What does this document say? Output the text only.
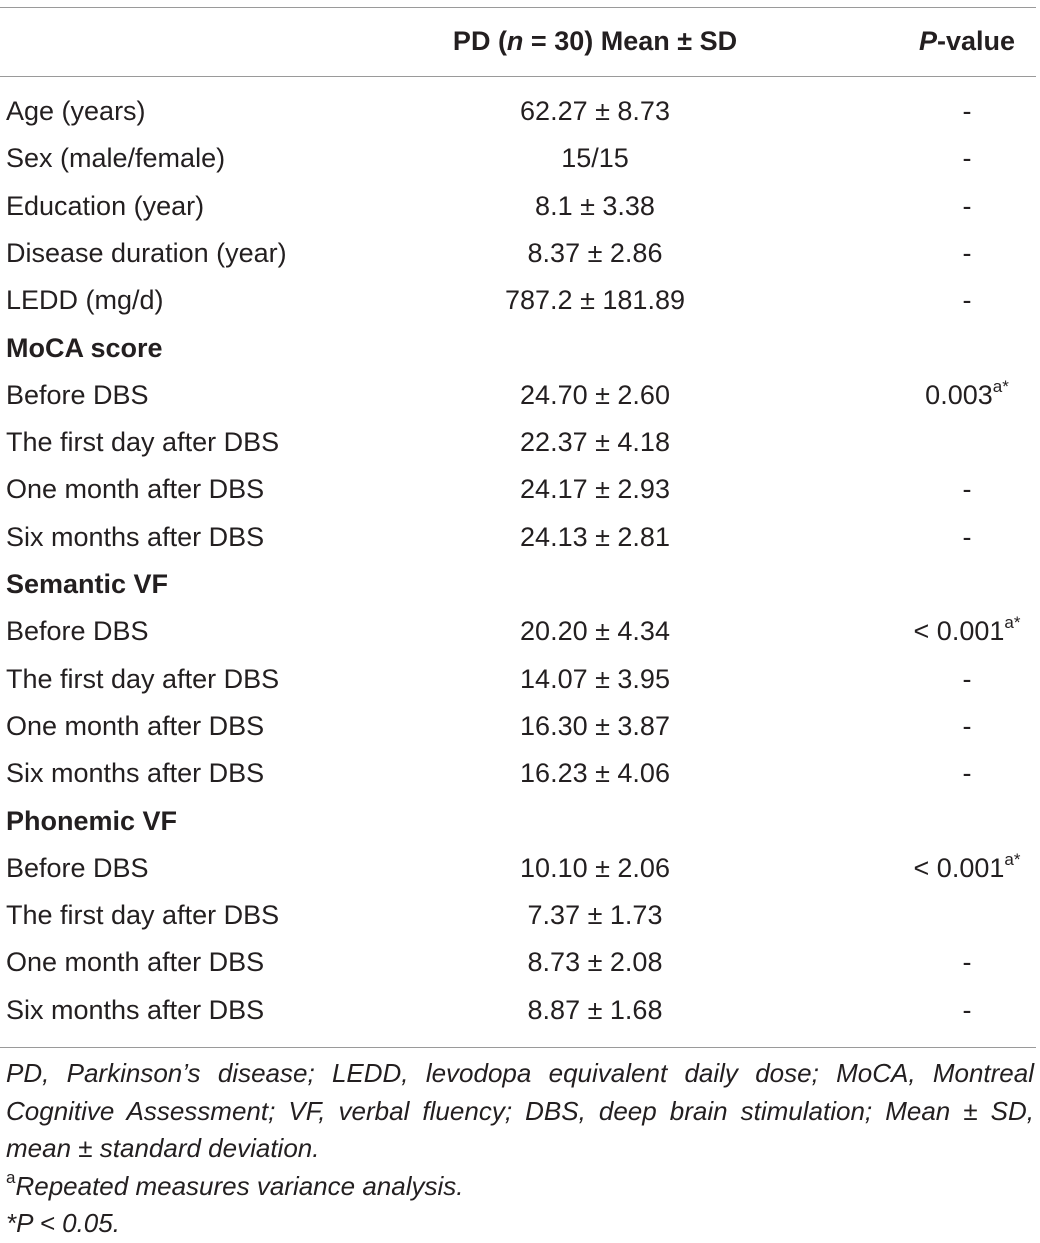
PD (n = 30) Mean ± SD	P-value
Age (years)	62.27 ± 8.73	-
Sex (male/female)	15/15	-
Education (year)	8.1 ± 3.38	-
Disease duration (year)	8.37 ± 2.86	-
LEDD (mg/d)	787.2 ± 181.89	-
MoCA score
Before DBS	24.70 ± 2.60	$0.003^{a*}$
The first day after DBS	22.37 ± 4.18
One month after DBS	24.17 ± 2.93	-
Six months after DBS	24.13 ± 2.81	-
Semantic VF
Before DBS	20.20 ± 4.34	< $0.001^{a*}$
The first day after DBS	14.07 ± 3.95	-
One month after DBS	16.30 ± 3.87	-
Six months after DBS	16.23 ± 4.06	-
Phonemic VF
Before DBS	10.10 ± 2.06	< $0.001^{a*}$
The first day after DBS	7.37 ± 1.73
One month after DBS	8.73 ± 2.08	-
Six months after DBS	8.87 ± 1.68	-
PD, Parkinson’s disease; LEDD, levodopa equivalent daily dose; MoCA, Montreal Cognitive Assessment; VF, verbal fluency; DBS, deep brain stimulation; Mean ± SD, mean ± standard deviation.
$^a$Repeated measures variance analysis.
*P < 0.05.
